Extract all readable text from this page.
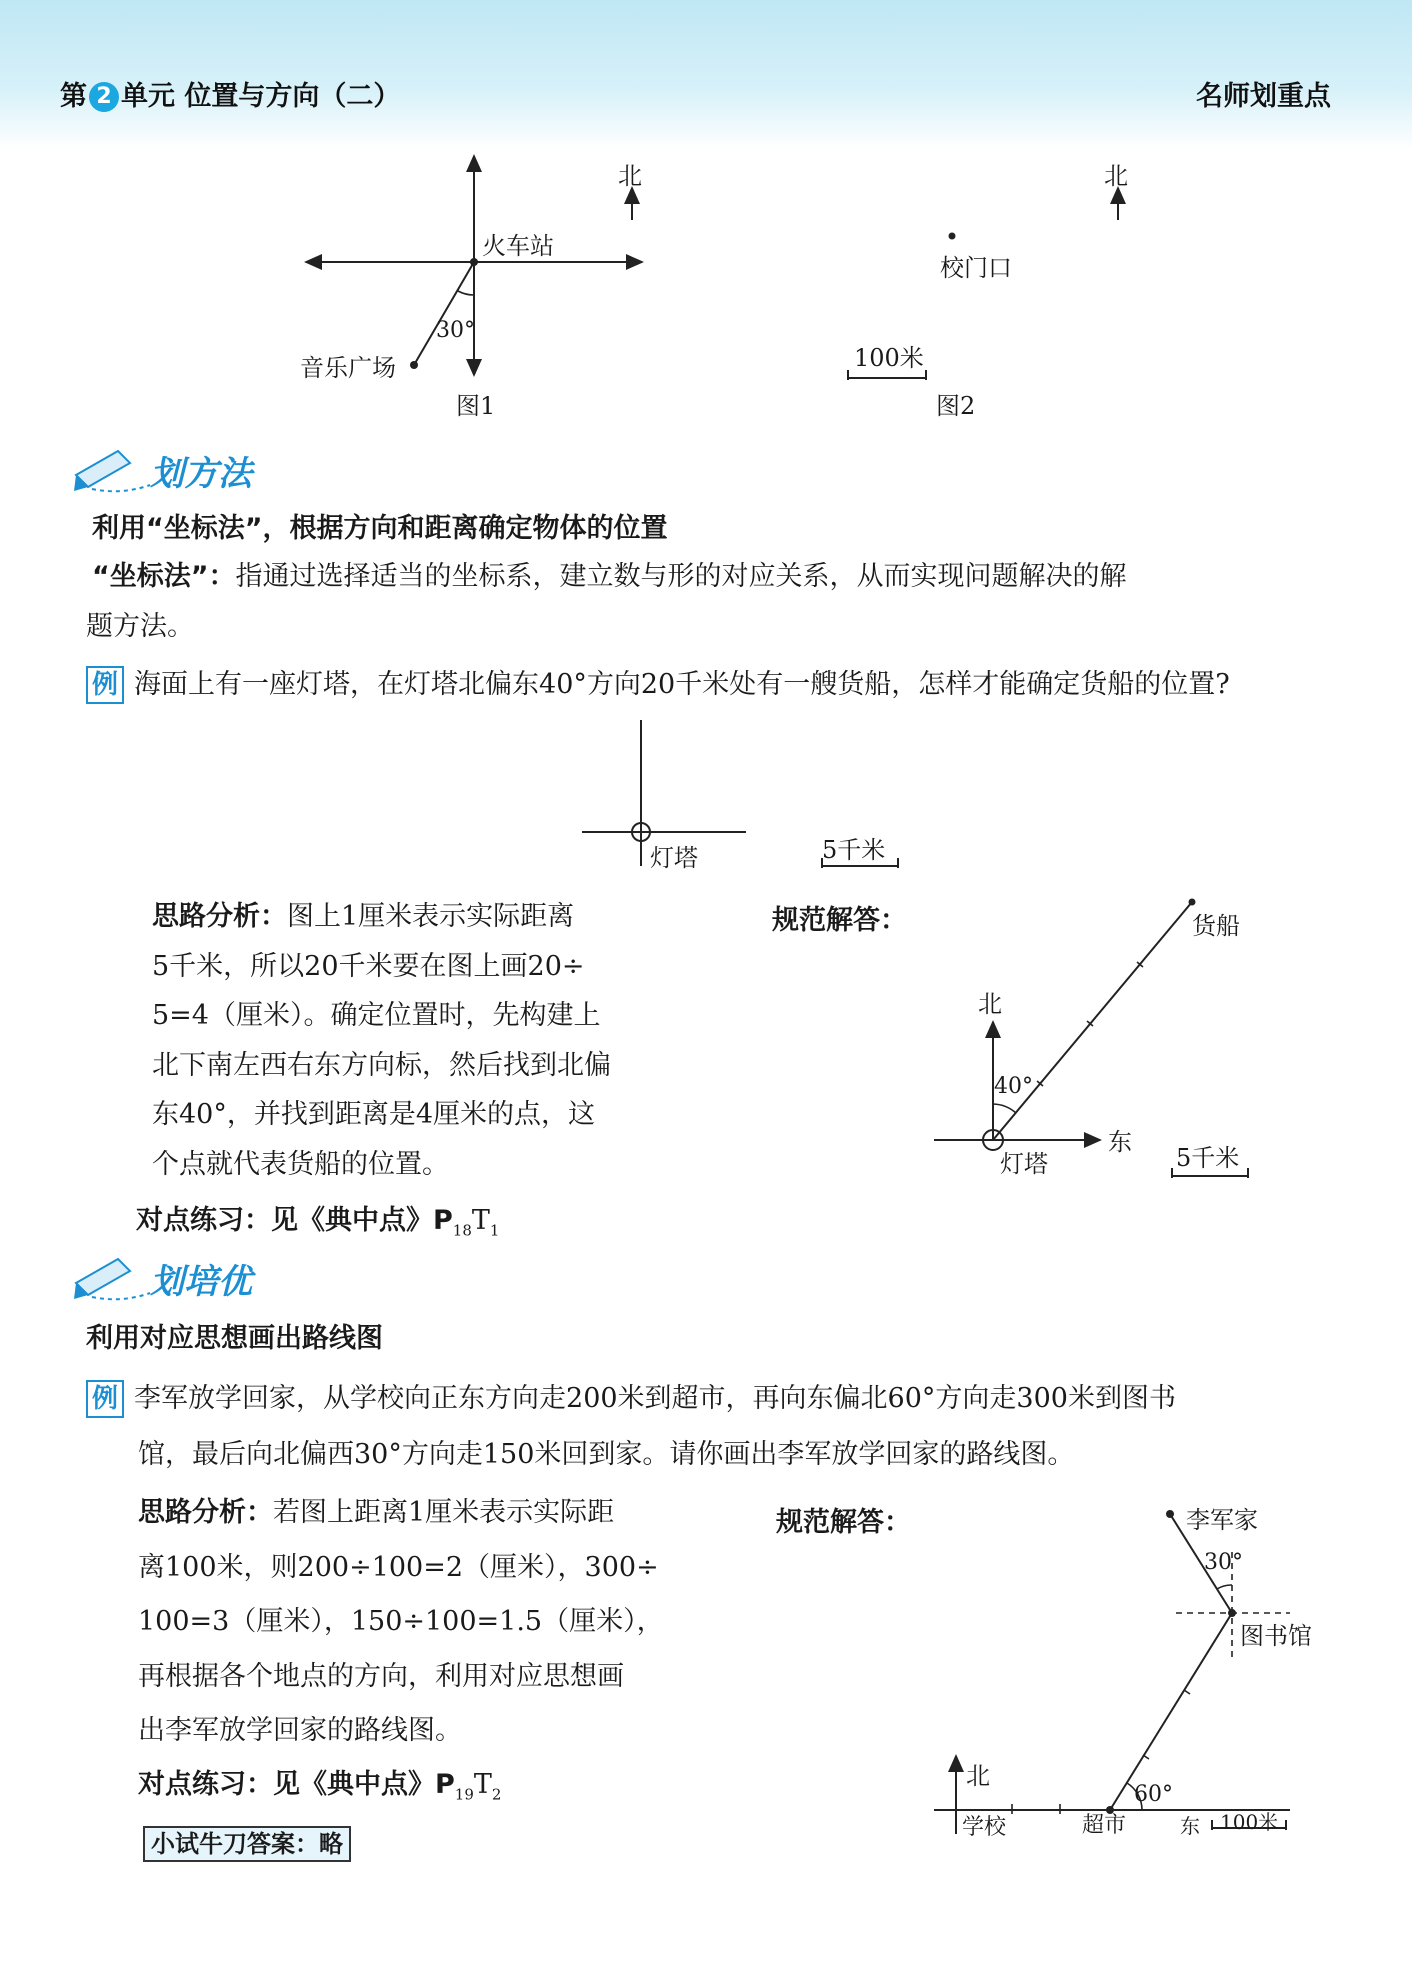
第 2 单元 位置与方向（二）	名师划重点
北
火车站
30°
音乐广场
图1
北
校门口
100米
图2
划方法
利用“坐标法”，根据方向和距离确定物体的位置
“坐标法”：指通过选择适当的坐标系，建立数与形的对应关系，从而实现问题解决的解
题方法。
例 海面上有一座灯塔，在灯塔北偏东40°方向20千米处有一艘货船，怎样才能确定货船的位置?
灯塔	5千米
思路分析：图上1厘米表示实际距离
5千米，所以20千米要在图上画20÷
5=4（厘米）。确定位置时，先构建上
北下南左西右东方向标，然后找到北偏
东40°，并找到距离是4厘米的点，这
个点就代表货船的位置。
规范解答：	货船
北
东
40°
灯塔	5千米
对点练习：见《典中点》$P_{18}T_1$
划培优
利用对应思想画出路线图
例 李军放学回家，从学校向正东方向走200米到超市，再向东偏北60°方向走300米到图书
馆，最后向北偏西30°方向走150米回到家。请你画出李军放学回家的路线图。
思路分析：若图上距离1厘米表示实际距
离100米，则200÷100=2（厘米），300÷
100=3（厘米），150÷100=1.5（厘米），
再根据各个地点的方向，利用对应思想画
出李军放学回家的路线图。
规范解答：	李军家
30°
图书馆
北
60°
学校	超市	东 100米
对点练习：见《典中点》$P_{19}T_2$
小试牛刀答案：略
